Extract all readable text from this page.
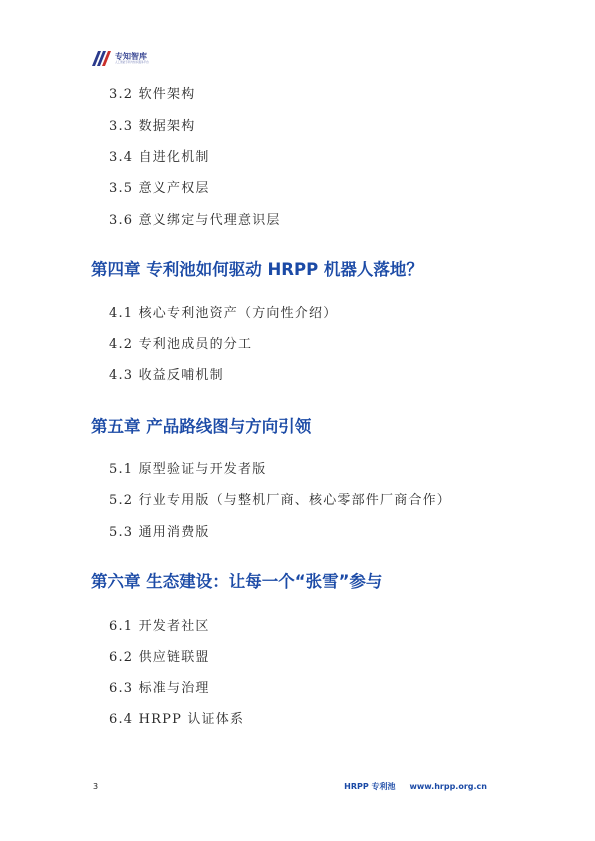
专知智库
人工智能专利与知识服务平台
3.2 软件架构
3.3 数据架构
3.4 自进化机制
3.5 意义产权层
3.6 意义绑定与代理意识层
第四章 专利池如何驱动 HRPP 机器人落地？
4.1 核心专利池资产（方向性介绍）
4.2 专利池成员的分工
4.3 收益反哺机制
第五章 产品路线图与方向引领
5.1 原型验证与开发者版
5.2 行业专用版（与整机厂商、核心零部件厂商合作）
5.3 通用消费版
第六章 生态建设：让每一个“张雪”参与
6.1 开发者社区
6.2 供应链联盟
6.3 标准与治理
6.4 HRPP 认证体系
3	HRPP 专利池 www.hrpp.org.cn
